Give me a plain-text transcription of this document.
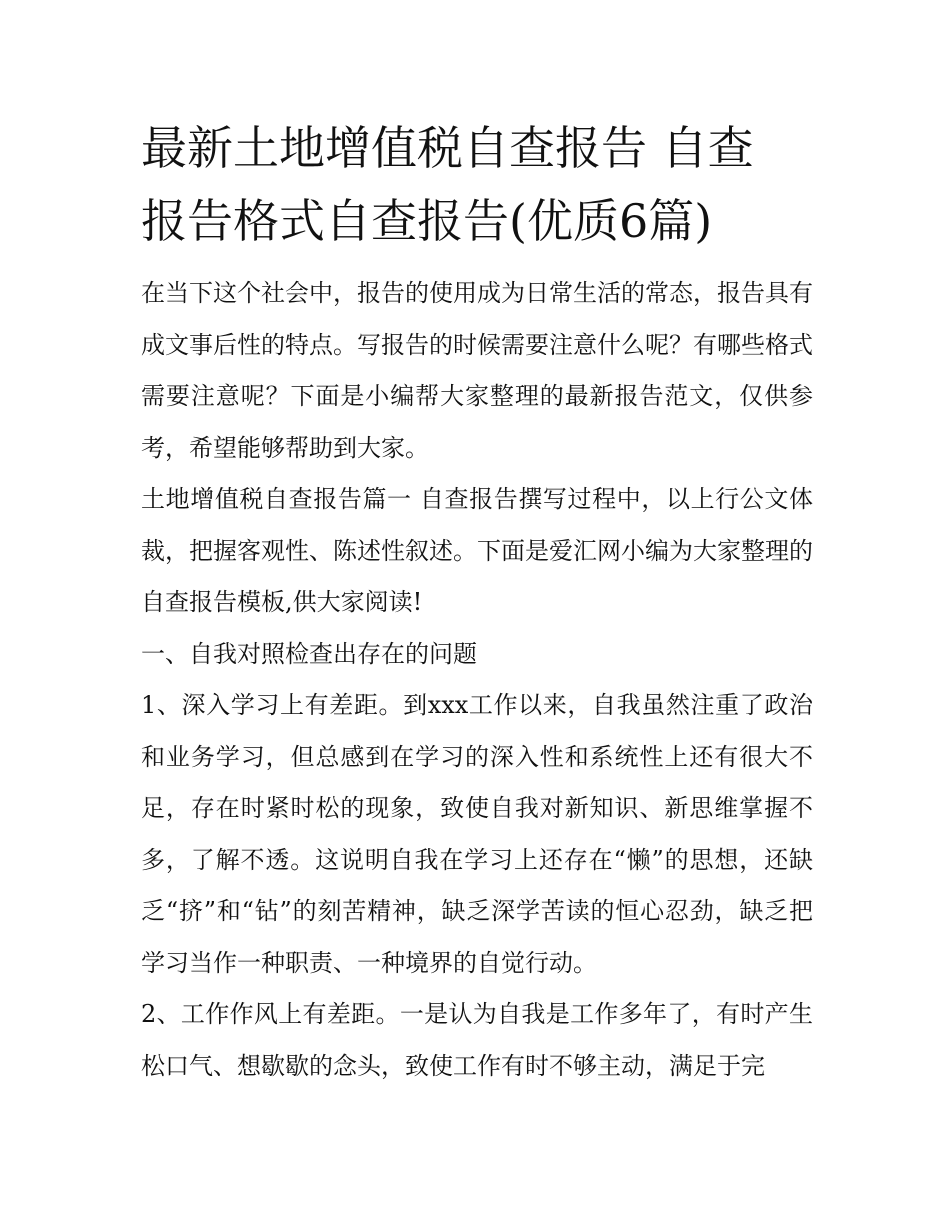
最新土地增值税自查报告 自查
报告格式自查报告(优质6篇)

在当下这个社会中，报告的使用成为日常生活的常态，报告具有成文事后性的特点。写报告的时候需要注意什么呢？有哪些格式需要注意呢？下面是小编帮大家整理的最新报告范文，仅供参考，希望能够帮助到大家。

土地增值税自查报告篇一 自查报告撰写过程中，以上行公文体裁，把握客观性、陈述性叙述。下面是爱汇网小编为大家整理的自查报告模板,供大家阅读!

一、自我对照检查出存在的问题

1、深入学习上有差距。到xxx工作以来，自我虽然注重了政治和业务学习，但总感到在学习的深入性和系统性上还有很大不足，存在时紧时松的现象，致使自我对新知识、新思维掌握不多，了解不透。这说明自我在学习上还存在“懒”的思想，还缺乏“挤”和“钻”的刻苦精神，缺乏深学苦读的恒心忍劲，缺乏把学习当作一种职责、一种境界的自觉行动。

2、工作作风上有差距。一是认为自我是工作多年了，有时产生松口气、想歇歇的念头，致使工作有时不够主动，满足于完
